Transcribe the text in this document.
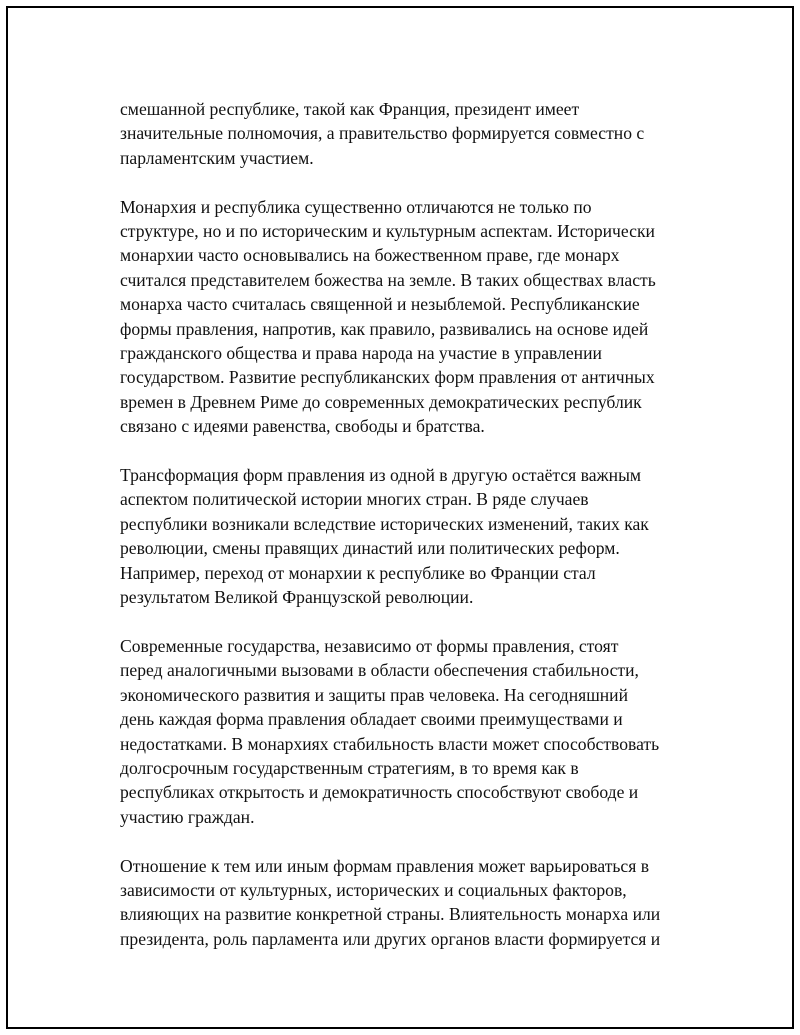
смешанной республике, такой как Франция, президент имеет
значительные полномочия, а правительство формируется совместно с
парламентским участием.

Монархия и республика существенно отличаются не только по
структуре, но и по историческим и культурным аспектам. Исторически
монархии часто основывались на божественном праве, где монарх
считался представителем божества на земле. В таких обществах власть
монарха часто считалась священной и незыблемой. Республиканские
формы правления, напротив, как правило, развивались на основе идей
гражданского общества и права народа на участие в управлении
государством. Развитие республиканских форм правления от античных
времен в Древнем Риме до современных демократических республик
связано с идеями равенства, свободы и братства.

Трансформация форм правления из одной в другую остаётся важным
аспектом политической истории многих стран. В ряде случаев
республики возникали вследствие исторических изменений, таких как
революции, смены правящих династий или политических реформ.
Например, переход от монархии к республике во Франции стал
результатом Великой Французской революции.

Современные государства, независимо от формы правления, стоят
перед аналогичными вызовами в области обеспечения стабильности,
экономического развития и защиты прав человека. На сегодняшний
день каждая форма правления обладает своими преимуществами и
недостатками. В монархиях стабильность власти может способствовать
долгосрочным государственным стратегиям, в то время как в
республиках открытость и демократичность способствуют свободе и
участию граждан.

Отношение к тем или иным формам правления может варьироваться в
зависимости от культурных, исторических и социальных факторов,
влияющих на развитие конкретной страны. Влиятельность монарха или
президента, роль парламента или других органов власти формируется и
